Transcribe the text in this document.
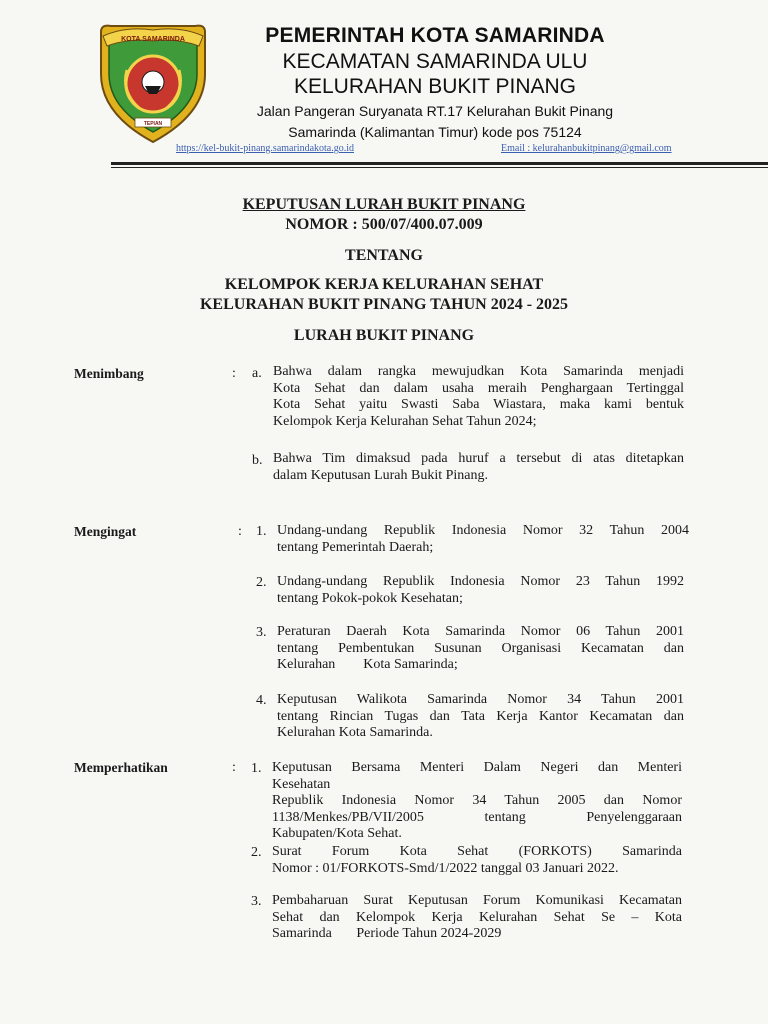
KOTA SAMARINDA
TEPIAN
PEMERINTAH KOTA SAMARINDA
KECAMATAN SAMARINDA ULU
KELURAHAN BUKIT PINANG
Jalan Pangeran Suryanata RT.17 Kelurahan Bukit Pinang
Samarinda (Kalimantan Timur) kode pos 75124
https://kel-bukit-pinang.samarindakota.go.id	Email : kelurahanbukitpinang@gmail.com
KEPUTUSAN LURAH BUKIT PINANG
NOMOR : 500/07/400.07.009
TENTANG
KELOMPOK KERJA KELURAHAN SEHAT
KELURAHAN BUKIT PINANG TAHUN 2024 - 2025
LURAH BUKIT PINANG
Menimbang	: a. Bahwa dalam rangka mewujudkan Kota Samarinda menjadi
Kota Sehat dan dalam usaha meraih Penghargaan Tertinggal
Kota Sehat yaitu Swasti Saba Wiastara, maka kami bentuk
Kelompok Kerja Kelurahan Sehat Tahun 2024;
b. Bahwa Tim dimaksud pada huruf a tersebut di atas ditetapkan
dalam Keputusan Lurah Bukit Pinang.
Mengingat	: 1. Undang-undang Republik Indonesia Nomor 32 Tahun 2004
tentang Pemerintah Daerah;
2. Undang-undang Republik Indonesia Nomor 23 Tahun 1992
tentang Pokok-pokok Kesehatan;
3. Peraturan Daerah Kota Samarinda Nomor 06 Tahun 2001
tentang Pembentukan Susunan Organisasi Kecamatan dan
Kelurahan        Kota Samarinda;
4. Keputusan Walikota Samarinda Nomor 34 Tahun 2001
tentang Rincian Tugas dan Tata Kerja Kantor Kecamatan dan
Kelurahan Kota Samarinda.
Memperhatikan	: 1. Keputusan Bersama Menteri Dalam Negeri dan Menteri
Kesehatan
Republik Indonesia Nomor 34 Tahun 2005 dan Nomor
1138/Menkes/PB/VII/2005 tentang Penyelenggaraan
Kabupaten/Kota Sehat.
2. Surat Forum Kota Sehat (FORKOTS) Samarinda
Nomor : 01/FORKOTS-Smd/1/2022 tanggal 03 Januari 2022.
3. Pembaharuan Surat Keputusan Forum Komunikasi Kecamatan
Sehat dan Kelompok Kerja Kelurahan Sehat Se – Kota
Samarinda       Periode Tahun 2024-2029
